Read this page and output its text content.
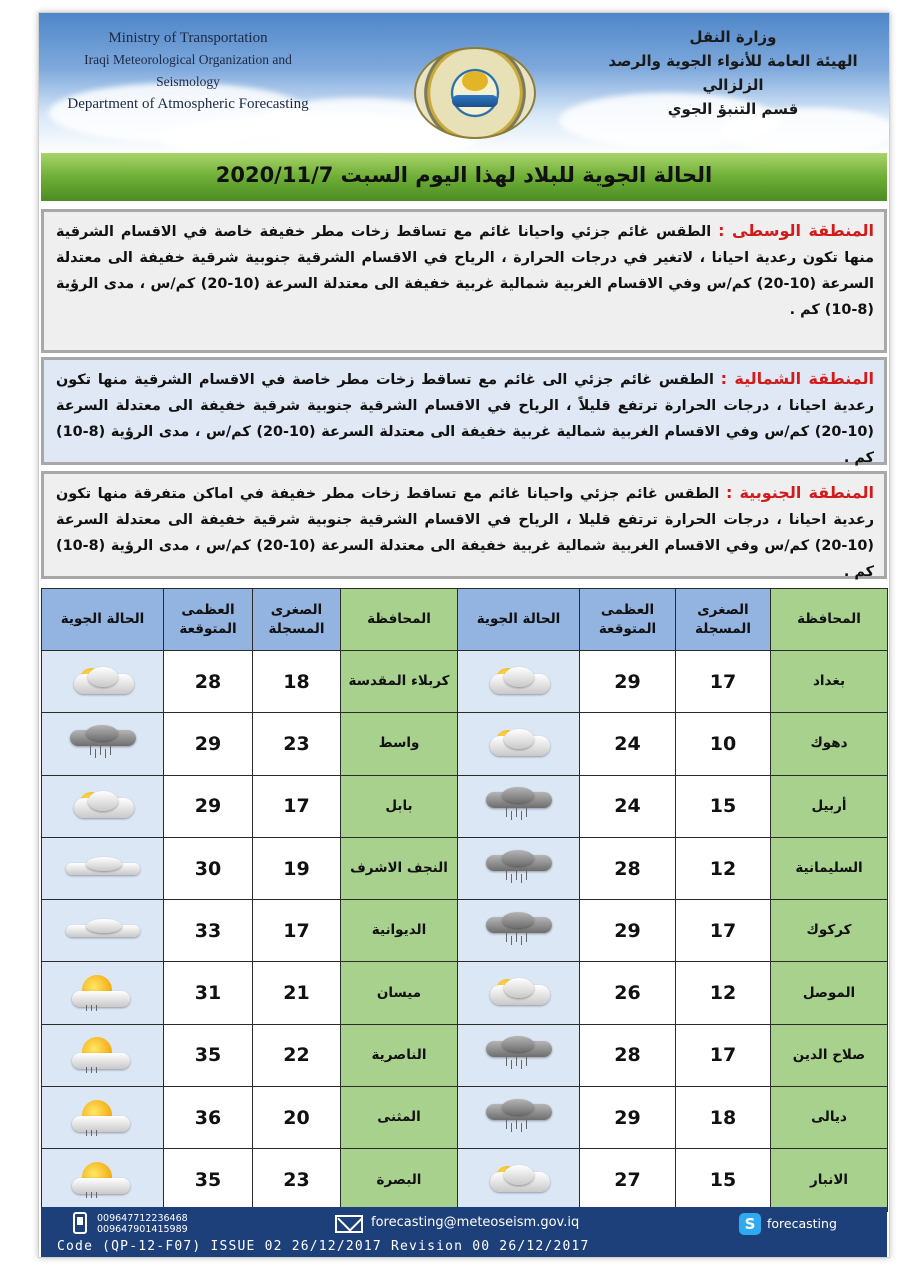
Ministry of Transportation
Iraqi Meteorological Organization and Seismology
Department of Atmospheric Forecasting
وزارة النقل
الهيئة العامة للأنواء الجوية والرصد الزلزالي
قسم التنبؤ الجوي
الحالة الجوية للبلاد لهذا اليوم السبت 2020/11/7
المنطقة الوسطى : الطقس غائم جزئي واحيانا غائم مع تساقط زخات مطر خفيفة خاصة في الاقسام الشرقية منها تكون رعدية احيانا ، لاتغير في درجات الحرارة ، الرياح في الاقسام الشرقية جنوبية شرقية خفيفة الى معتدلة السرعة (10-20) كم/س وفي الاقسام الغربية شمالية غربية خفيفة الى معتدلة السرعة (10-20) كم/س ، مدى الرؤية (8-10) كم .
المنطقة الشمالية : الطقس غائم جزئي الى غائم مع تساقط زخات مطر خاصة في الاقسام الشرقية منها تكون رعدية احيانا ، درجات الحرارة ترتفع قليلاً ، الرياح في الاقسام الشرقية جنوبية شرقية خفيفة الى معتدلة السرعة (10-20) كم/س وفي الاقسام الغربية شمالية غربية خفيفة الى معتدلة السرعة (10-20) كم/س ، مدى الرؤية (8-10) كم .
المنطقة الجنوبية : الطقس غائم جزئي واحيانا غائم مع تساقط زخات مطر خفيفة في اماكن متفرقة منها تكون رعدية احيانا ، درجات الحرارة ترتفع قليلا ، الرياح في الاقسام الشرقية جنوبية شرقية خفيفة الى معتدلة السرعة (10-20) كم/س وفي الاقسام الغربية شمالية غربية خفيفة الى معتدلة السرعة (10-20) كم/س ، مدى الرؤية (8-10) كم .
الحالة الجوية	العظمى المتوقعة	الصغرى المسجلة	المحافظة	الحالة الجوية	العظمى المتوقعة	الصغرى المسجلة	المحافظة

	28	18	كربلاء المقدسة		29	17	بغداد

	29	23	واسط		24	10	دهوك

	29	17	بابل		24	15	أربيل

	30	19	النجف الاشرف		28	12	السليمانية

	33	17	الديوانية		29	17	كركوك

	31	21	ميسان		26	12	الموصل

	35	22	الناصرية		28	17	صلاح الدين

	36	20	المثنى		29	18	ديالى

	35	23	البصرة		27	15	الانبار
009647712236468
009647901415989	forecasting@meteoseism.gov.iq	S forecasting
Code (QP-12-F07) ISSUE 02 26/12/2017 Revision 00 26/12/2017
